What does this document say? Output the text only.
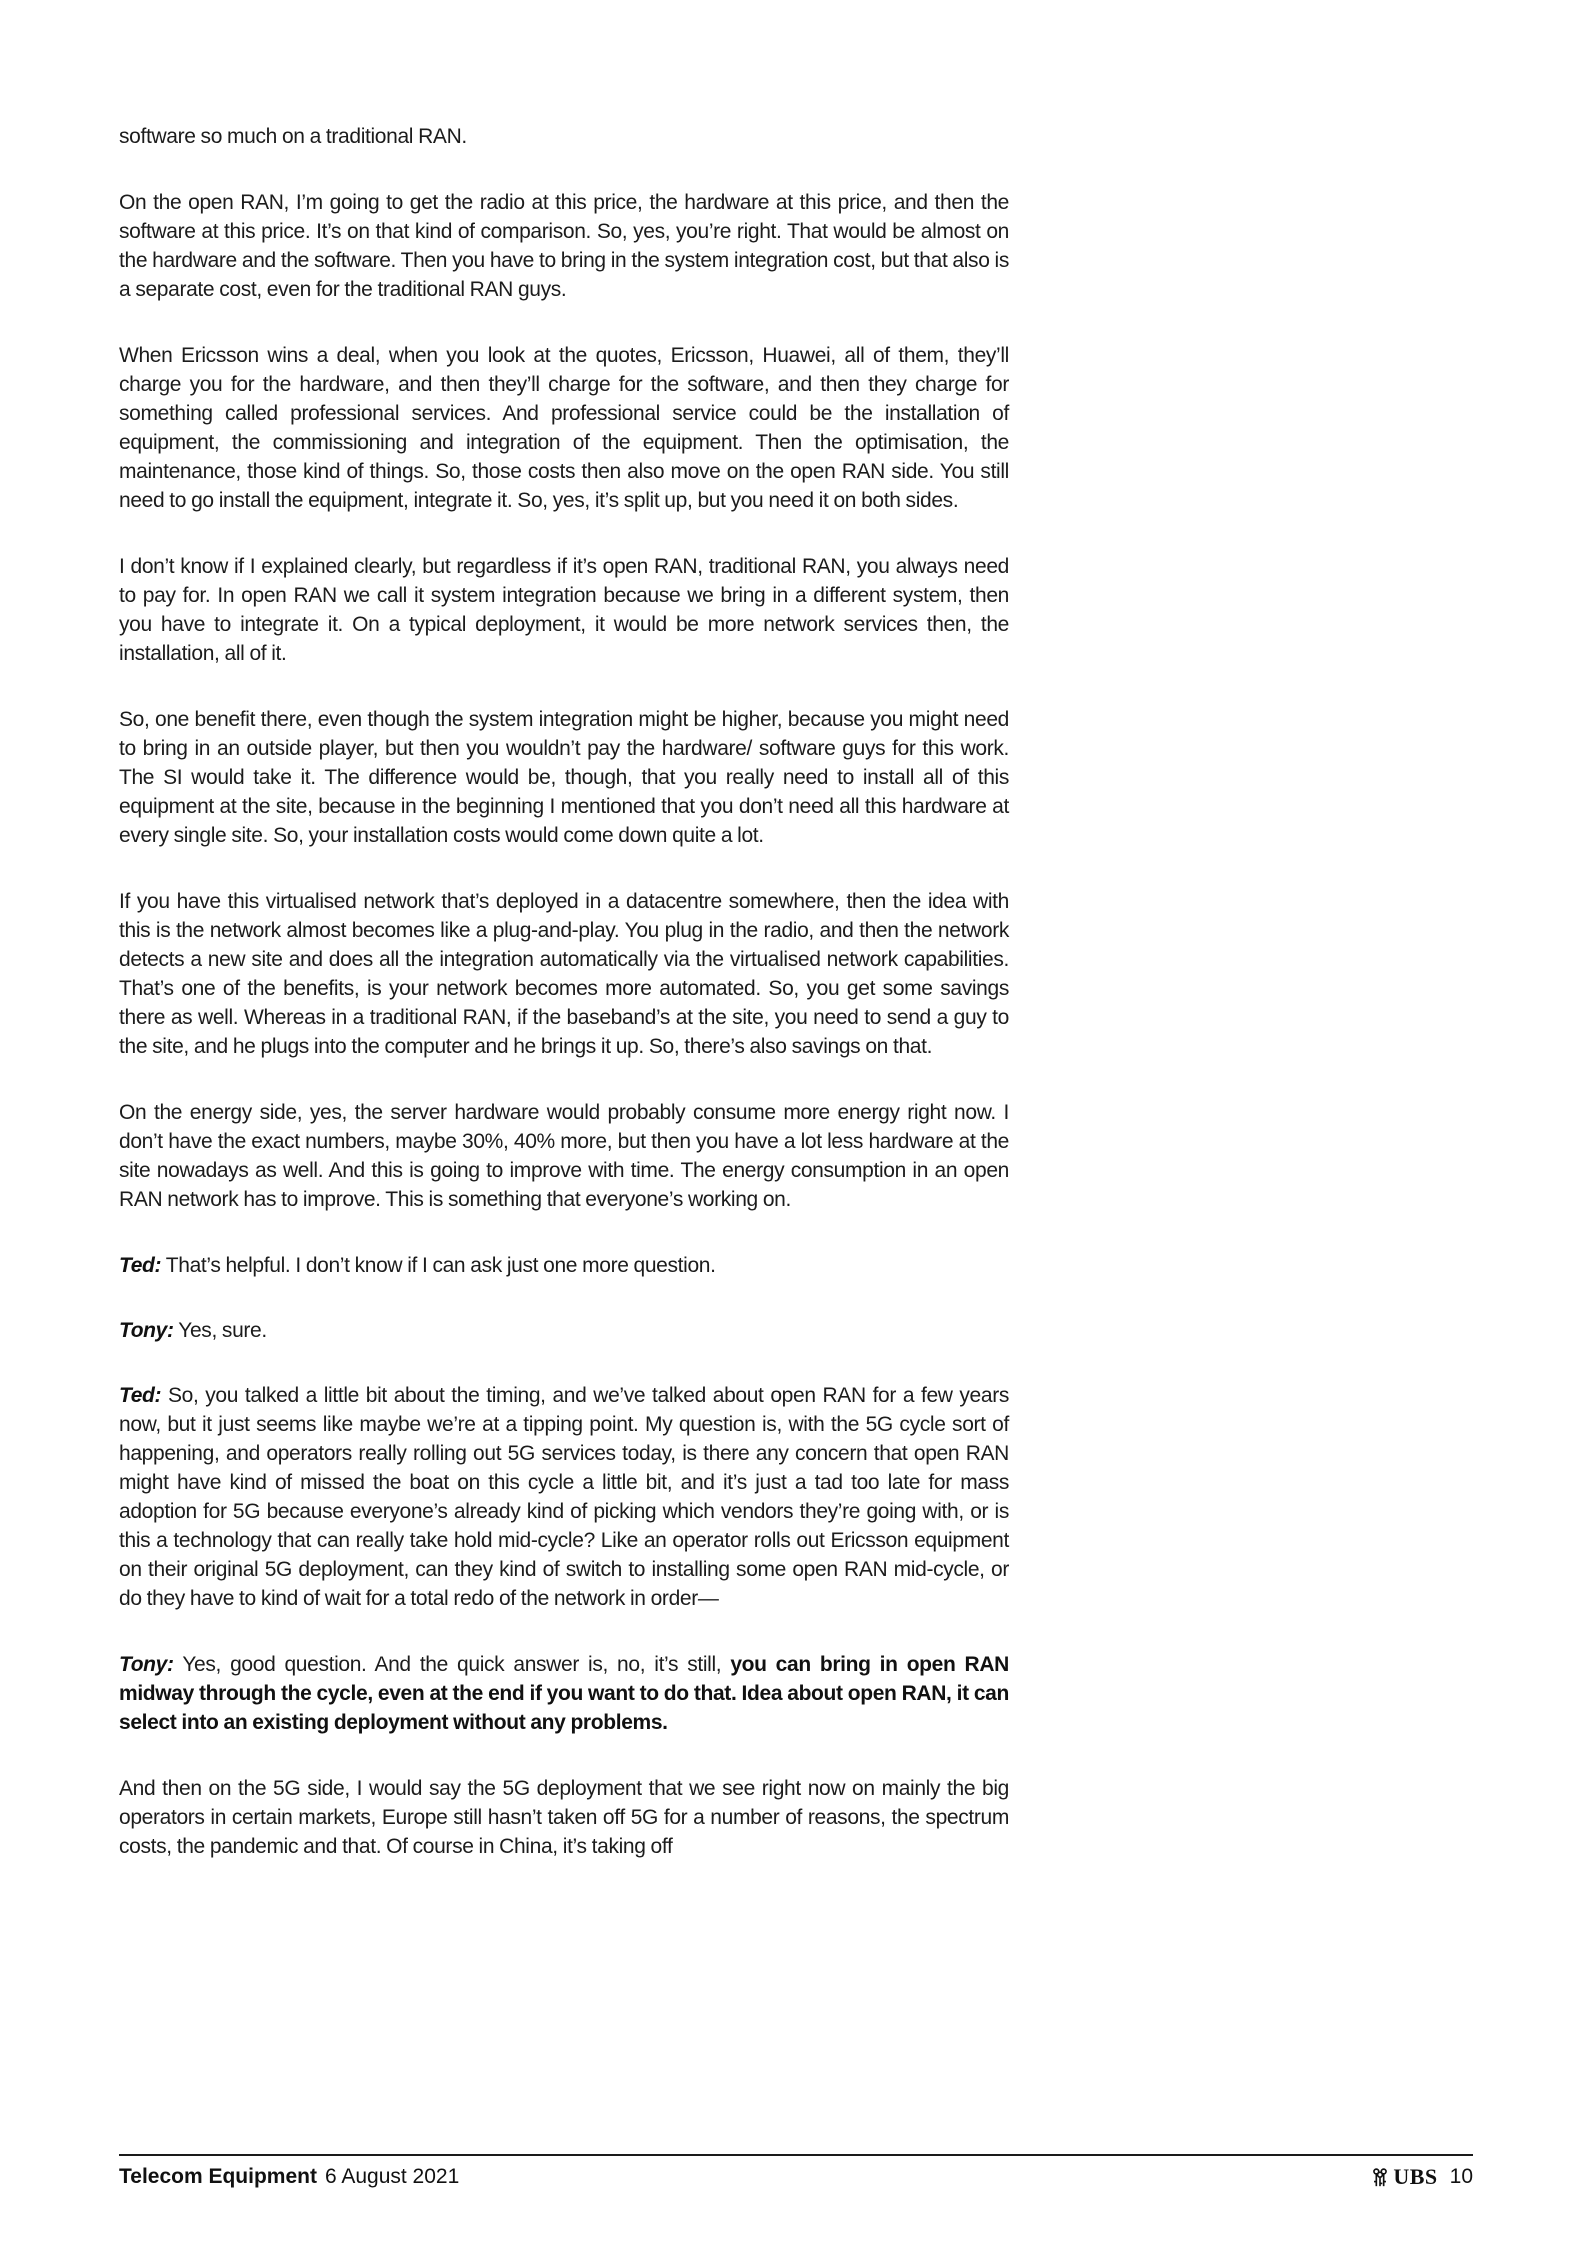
software so much on a traditional RAN.

On the open RAN, I’m going to get the radio at this price, the hardware at this price, and then the software at this price. It’s on that kind of comparison. So, yes, you’re right. That would be almost on the hardware and the software. Then you have to bring in the system integration cost, but that also is a separate cost, even for the traditional RAN guys.

When Ericsson wins a deal, when you look at the quotes, Ericsson, Huawei, all of them, they’ll charge you for the hardware, and then they’ll charge for the software, and then they charge for something called professional services. And professional service could be the installation of equipment, the commissioning and integration of the equipment. Then the optimisation, the maintenance, those kind of things. So, those costs then also move on the open RAN side. You still need to go install the equipment, integrate it. So, yes, it’s split up, but you need it on both sides.

I don’t know if I explained clearly, but regardless if it’s open RAN, traditional RAN, you always need to pay for. In open RAN we call it system integration because we bring in a different system, then you have to integrate it. On a typical deployment, it would be more network services then, the installation, all of it.

So, one benefit there, even though the system integration might be higher, because you might need to bring in an outside player, but then you wouldn’t pay the hardware/ software guys for this work. The SI would take it. The difference would be, though, that you really need to install all of this equipment at the site, because in the beginning I mentioned that you don’t need all this hardware at every single site. So, your installation costs would come down quite a lot.

If you have this virtualised network that’s deployed in a datacentre somewhere, then the idea with this is the network almost becomes like a plug-and-play. You plug in the radio, and then the network detects a new site and does all the integration automatically via the virtualised network capabilities. That’s one of the benefits, is your network becomes more automated. So, you get some savings there as well. Whereas in a traditional RAN, if the baseband’s at the site, you need to send a guy to the site, and he plugs into the computer and he brings it up. So, there’s also savings on that.

On the energy side, yes, the server hardware would probably consume more energy right now. I don’t have the exact numbers, maybe 30%, 40% more, but then you have a lot less hardware at the site nowadays as well. And this is going to improve with time. The energy consumption in an open RAN network has to improve. This is something that everyone’s working on.

Ted: That’s helpful. I don’t know if I can ask just one more question.

Tony: Yes, sure.

Ted: So, you talked a little bit about the timing, and we’ve talked about open RAN for a few years now, but it just seems like maybe we’re at a tipping point. My question is, with the 5G cycle sort of happening, and operators really rolling out 5G services today, is there any concern that open RAN might have kind of missed the boat on this cycle a little bit, and it’s just a tad too late for mass adoption for 5G because everyone’s already kind of picking which vendors they’re going with, or is this a technology that can really take hold mid-cycle? Like an operator rolls out Ericsson equipment on their original 5G deployment, can they kind of switch to installing some open RAN mid-cycle, or do they have to kind of wait for a total redo of the network in order—

Tony: Yes, good question. And the quick answer is, no, it’s still, you can bring in open RAN midway through the cycle, even at the end if you want to do that. Idea about open RAN, it can select into an existing deployment without any problems.

And then on the 5G side, I would say the 5G deployment that we see right now on mainly the big operators in certain markets, Europe still hasn’t taken off 5G for a number of reasons, the spectrum costs, the pandemic and that. Of course in China, it’s taking off

Telecom Equipment 6 August 2021	UBS 10
